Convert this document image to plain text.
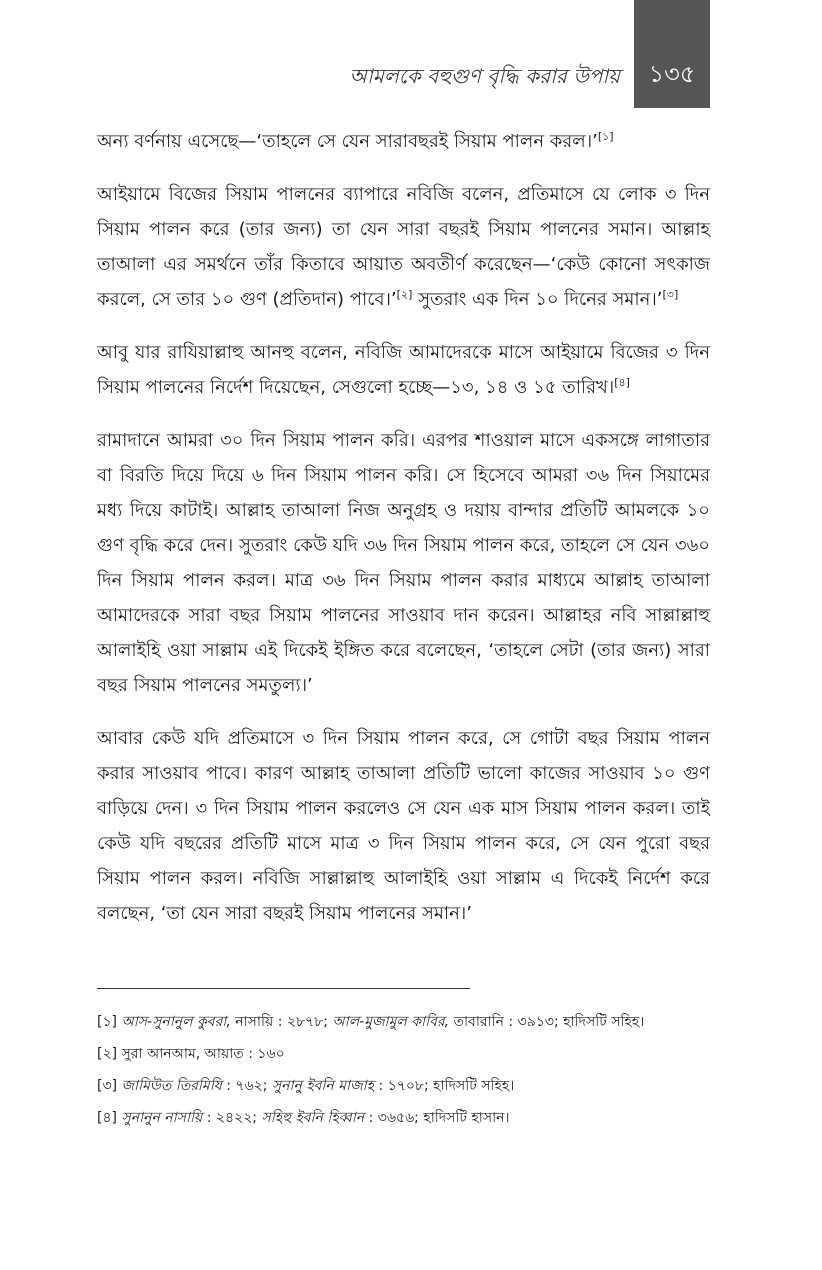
আমলকে বহুগুণ বৃদ্ধি করার উপায় ১৩৫

অন্য বর্ণনায় এসেছে—‘তাহলে সে যেন সারাবছরই সিয়াম পালন করল।’[১]

আইয়ামে বিজের সিয়াম পালনের ব্যাপারে নবিজি বলেন, প্রতিমাসে যে লোক ৩ দিন সিয়াম পালন করে (তার জন্য) তা যেন সারা বছরই সিয়াম পালনের সমান। আল্লাহ তাআলা এর সমর্থনে তাঁর কিতাবে আয়াত অবতীর্ণ করেছেন—‘কেউ কোনো সৎকাজ করলে, সে তার ১০ গুণ (প্রতিদান) পাবে।’[২] সুতরাং এক দিন ১০ দিনের সমান।’[৩]

আবু যার রাযিয়াল্লাহু আনহু বলেন, নবিজি আমাদেরকে মাসে আইয়ামে বিজের ৩ দিন সিয়াম পালনের নির্দেশ দিয়েছেন, সেগুলো হচ্ছে—১৩, ১৪ ও ১৫ তারিখ।[৪]

রামাদানে আমরা ৩০ দিন সিয়াম পালন করি। এরপর শাওয়াল মাসে একসঙ্গে লাগাতার বা বিরতি দিয়ে দিয়ে ৬ দিন সিয়াম পালন করি। সে হিসেবে আমরা ৩৬ দিন সিয়ামের মধ্য দিয়ে কাটাই। আল্লাহ তাআলা নিজ অনুগ্রহ ও দয়ায় বান্দার প্রতিটি আমলকে ১০ গুণ বৃদ্ধি করে দেন। সুতরাং কেউ যদি ৩৬ দিন সিয়াম পালন করে, তাহলে সে যেন ৩৬০ দিন সিয়াম পালন করল। মাত্র ৩৬ দিন সিয়াম পালন করার মাধ্যমে আল্লাহ তাআলা আমাদেরকে সারা বছর সিয়াম পালনের সাওয়াব দান করেন। আল্লাহর নবি সাল্লাল্লাহু আলাইহি ওয়া সাল্লাম এই দিকেই ইঙ্গিত করে বলেছেন, ‘তাহলে সেটা (তার জন্য) সারা বছর সিয়াম পালনের সমতুল্য।’

আবার কেউ যদি প্রতিমাসে ৩ দিন সিয়াম পালন করে, সে গোটা বছর সিয়াম পালন করার সাওয়াব পাবে। কারণ আল্লাহ তাআলা প্রতিটি ভালো কাজের সাওয়াব ১০ গুণ বাড়িয়ে দেন। ৩ দিন সিয়াম পালন করলেও সে যেন এক মাস সিয়াম পালন করল। তাই কেউ যদি বছরের প্রতিটি মাসে মাত্র ৩ দিন সিয়াম পালন করে, সে যেন পুরো বছর সিয়াম পালন করল। নবিজি সাল্লাল্লাহু আলাইহি ওয়া সাল্লাম এ দিকেই নির্দেশ করে বলছেন, ‘তা যেন সারা বছরই সিয়াম পালনের সমান।’

[১] আস-সুনানুল কুবরা, নাসায়ি : ২৮৭৮; আল-মুজামুল কাবির, তাবারানি : ৩৯১৩; হাদিসটি সহিহ।
[২] সুরা আনআম, আয়াত : ১৬০
[৩] জামিউত তিরমিযি : ৭৬২; সুনানু ইবনি মাজাহ : ১৭০৮; হাদিসটি সহিহ।
[৪] সুনানুন নাসায়ি : ২৪২২; সহিহু ইবনি হিব্বান : ৩৬৫৬; হাদিসটি হাসান।
